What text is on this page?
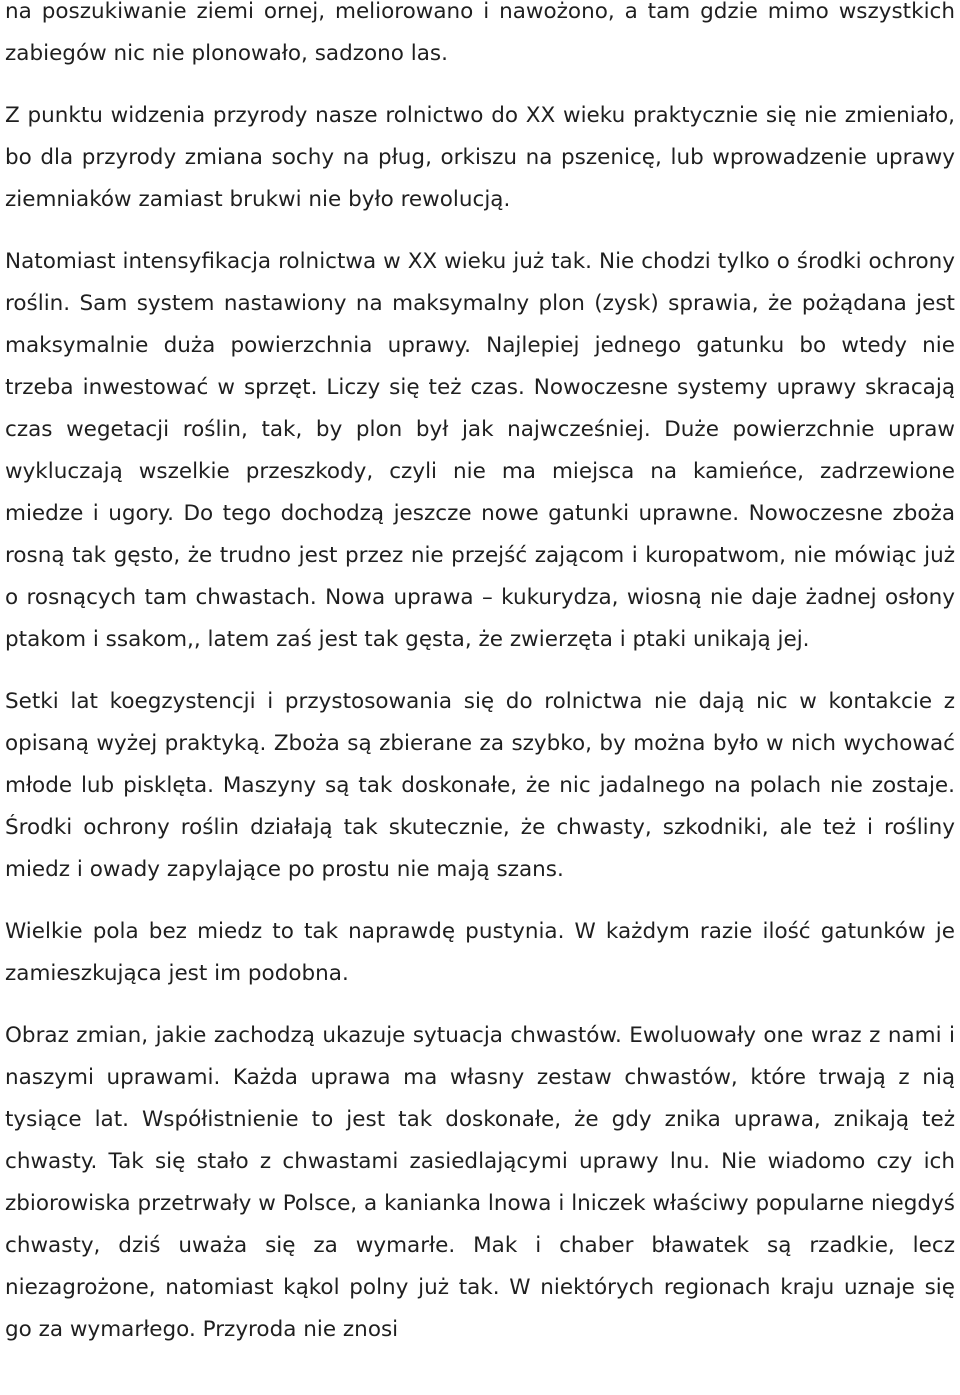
na poszukiwanie ziemi ornej, meliorowano i nawożono, a tam gdzie mimo wszystkich zabiegów nic nie plonowało, sadzono las.

Z punktu widzenia przyrody nasze rolnictwo do XX wieku praktycznie się nie zmieniało, bo dla przyrody zmiana sochy na pług, orkiszu na pszenicę, lub wprowadzenie uprawy ziemniaków zamiast brukwi nie było rewolucją.

Natomiast intensyfikacja rolnictwa w XX wieku już tak. Nie chodzi tylko o środki ochrony roślin. Sam system nastawiony na maksymalny plon (zysk) sprawia, że pożądana jest maksymalnie duża powierzchnia uprawy. Najlepiej jednego gatunku bo wtedy nie trzeba inwestować w sprzęt. Liczy się też czas. Nowoczesne systemy uprawy skracają czas wegetacji roślin, tak, by plon był jak najwcześniej. Duże powierzchnie upraw wykluczają wszelkie przeszkody, czyli nie ma miejsca na kamieńce, zadrzewione miedze i ugory. Do tego dochodzą jeszcze nowe gatunki uprawne. Nowoczesne zboża rosną tak gęsto, że trudno jest przez nie przejść zającom i kuropatwom, nie mówiąc już o rosnących tam chwastach. Nowa uprawa – kukurydza, wiosną nie daje żadnej osłony ptakom i ssakom,, latem zaś jest tak gęsta, że zwierzęta i ptaki unikają jej.

Setki lat koegzystencji i przystosowania się do rolnictwa nie dają nic w kontakcie z opisaną wyżej praktyką. Zboża są zbierane za szybko, by można było w nich wychować młode lub pisklęta. Maszyny są tak doskonałe, że nic jadalnego na polach nie zostaje. Środki ochrony roślin działają tak skutecznie, że chwasty, szkodniki, ale też i rośliny miedz i owady zapylające po prostu nie mają szans.

Wielkie pola bez miedz to tak naprawdę pustynia. W każdym razie ilość gatunków je zamieszkująca jest im podobna.

Obraz zmian, jakie zachodzą ukazuje sytuacja chwastów. Ewoluowały one wraz z nami i naszymi uprawami. Każda uprawa ma własny zestaw chwastów, które trwają z nią tysiące lat. Współistnienie to jest tak doskonałe, że gdy znika uprawa, znikają też chwasty. Tak się stało z chwastami zasiedlającymi uprawy lnu. Nie wiadomo czy ich zbiorowiska przetrwały w Polsce, a kanianka lnowa i lniczek właściwy popularne niegdyś chwasty, dziś uważa się za wymarłe. Mak i chaber bławatek są rzadkie, lecz niezagrożone, natomiast kąkol polny już tak. W niektórych regionach kraju uznaje się go za wymarłego. Przyroda nie znosi
